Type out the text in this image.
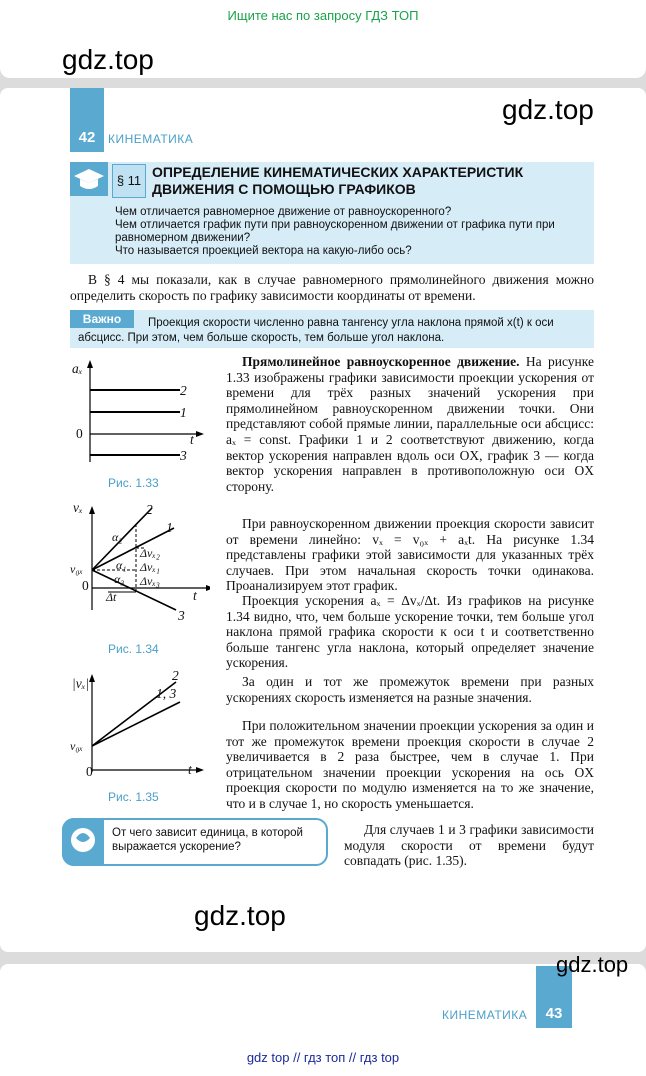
Ищите нас по запросу ГДЗ ТОП
gdz.top
gdz.top
42	КИНЕМАТИКА
§ 11
ОПРЕДЕЛЕНИЕ КИНЕМАТИЧЕСКИХ ХАРАКТЕРИСТИК ДВИЖЕНИЯ С ПОМОЩЬЮ ГРАФИКОВ
Чем отличается равномерное движение от равноускоренного?
Чем отличается график пути при равноускоренном движении от графика пути при равномерном движении?
Что называется проекцией вектора на какую-либо ось?
В § 4 мы показали, как в случае равномерного прямолинейного движения можно определить скорость по графику зависимости координаты от времени.
Проекция скорости численно равна тангенсу угла наклона прямой x(t) к оси абсцисс. При этом, чем больше скорость, тем больше угол наклона.
Важно
aₓ
t
0
2
1
3
Рис. 1.33
vₓ
t
0
v₀ₓ
2
1
3
α₂
α₁
α₃
Δvₓ₂
Δvₓ₁
Δvₓ₃
Δt
Рис. 1.34
|vₓ|
t
0
v₀ₓ
2
1, 3
Рис. 1.35
Прямолинейное равноускоренное движение. На рисунке 1.33 изображены графики зависимости проекции ускорения от времени для трёх разных значений ускорения при прямолинейном равноускоренном движении точки. Они представляют собой прямые линии, параллельные оси абсцисс: aₓ = const. Графики 1 и 2 соответствуют движению, когда вектор ускорения направлен вдоль оси OX, график 3 — когда вектор ускорения направлен в противоположную оси OX сторону.
При равноускоренном движении проекция скорости зависит от времени линейно: vₓ = v₀ₓ + aₓt. На рисунке 1.34 представлены графики этой зависимости для указанных трёх случаев. При этом начальная скорость точки одинакова. Проанализируем этот график.
Проекция ускорения aₓ = Δvₓ/Δt. Из графиков на рисунке 1.34 видно, что, чем больше ускорение точки, тем больше угол наклона прямой графика скорости к оси t и соответственно больше тангенс угла наклона, который определяет значение ускорения.
За один и тот же промежуток времени при разных ускорениях скорость изменяется на разные значения.
При положительном значении проекции ускорения за один и тот же промежуток времени проекция скорости в случае 2 увеличивается в 2 раза быстрее, чем в случае 1. При отрицательном значении проекции ускорения на ось OX проекция скорости по модулю изменяется на то же значение, что и в случае 1, но скорость уменьшается.
Для случаев 1 и 3 графики зависимости модуля скорости от времени будут совпадать (рис. 1.35).
От чего зависит единица, в которой выражается ускорение?
gdz.top
43
КИНЕМАТИКА
gdz.top
gdz top // гдз топ // гдз top
